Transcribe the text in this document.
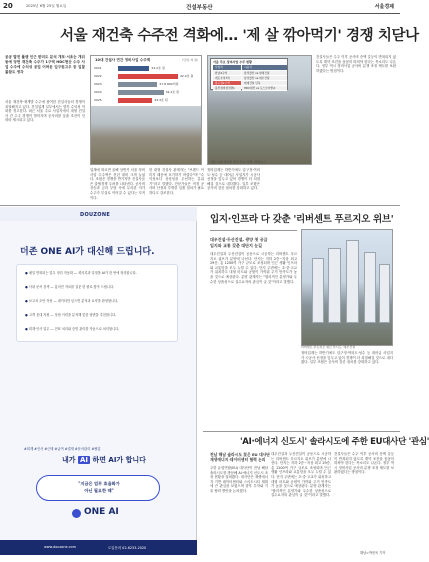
20	2025년 6월 25일 월요일	건설부동산	서울경제
서울 재건축 수주전 격화에… '제 살 깎아먹기' 경쟁 치닫나
공공 발전 플랜 인근 한미도 분석 개포·서초는 개위 동에 당면 재건축 수주가 1구역 HDC현산 수주 사업 수주에 수익성 공업 어려운 입구원고우 등 입찰 불참도 생각
10대 건설사 연간 정비사업 수주액
2021	22.2조 원
2022	42.4조 원
2023	27.8 800억원
2024	32.2조 원
2025	24.3조 원
(단위: 억 원)	서울 주요 정비사업 수주 현황
사업지	시공사
한남4구역	삼성물산 vs 현대건설
개포우성7차	삼성물산 vs 대우건설
압구정2구역	현대건설 단독
용산정비창전면1	HDC현산 vs 포스코이앤씨
서울 시내 재건축 추진 단지 전경. 연합뉴스
서울 재건축·재개발 수주에 참여한 건설사들의 경쟁이 치열해지고 있다. 건설업계 일부에서는 향후 수익성 악화를 경고한다. 최근 서울 주요 사업지에서 대형 건설사 간 수주 경쟁이 벌어지며 공사비를 낮춘 조건이 잇따라 제시되고 있다.
업계에 따르면 올해 상반기 서울 정비사업 수주액은 전년 대비 크게 늘었다. 조합은 경쟁을 반기지만 건설사들은 출혈경쟁 우려를 나타낸다. 공사비 상승과 금리 부담 속에 무리한 저가 수주가 부실로 이어질 수 있다는 지적이다.
한 대형 건설사 관계자는 "브랜드 이미지 때문에 포기하기 어렵다"며 "수익성보다 상징성을 우선하는 분위기"라고 말했다. 전문가들은 적정 공사비 산정과 투명한 입찰 절차가 필요하다고 강조한다.
정비업계는 하반기에도 압구정·여의도·성수 등 대어급 사업지가 시공사 선정을 앞두고 있어 경쟁이 더 치열해질 것으로 내다봤다. 일부 조합은 공사비 검증 절차를 강화하고 있다.
건설사들은 수주 이후 공사비 증액 갈등이 반복되지 않도록 계약 조건을 꼼꼼히 따져야 한다는 목소리도 나온다. 정부 역시 정비사업 공사비 분쟁 조정 제도를 보완하겠다는 방침이다.
DOUZONE
더존 ONE AI가 대신해 드립니다.
● 매일 반복되는 업무 정리 자동화 — 회의록과 일정을 AI가 한 번에 정리합니다.
● 사내 문서 검색 — 흩어진 자료를 질문 한 줄로 찾아 드립니다.
● 보고서 초안 작성 — 데이터만 넣으면 분석과 요약을 완성합니다.
● 고객 응대 지원 — 상담 이력을 분석해 맞춤 답변을 추천합니다.
● 회계·인사 업무 — 전표 처리와 증빙 관리를 자동으로 처리합니다.
#회계 #인사 #근태 #급여 #결재 #문서관리 #협업
내가 AI 하면 AI가 합니다
"지금은 업무 효율화가
아닌 필요한 때"
ONE AI
www.douzone.com	도입문의 02-6233-2020
입지·인프라 다 갖춘 '리버센트 푸르지오 위브'
대우건설·두산건설, 광양 첫 공급
입지와 교통 갖춘 대단지 눈길
대우건설과 두산건설이 공동으로 시공하는 리버센트 푸르지오 위브가 분양에 나선다. 단지는 지하 2층~지상 최고 29층, 총 1200여 가구 규모로 조성되며 인근 생활 인프라와 교통망을 모두 누릴 수 있다. 단지 주변에는 초·중·고교가 위치하고 대형 마트와 공원이 가까워 주거 만족도가 높을 것으로 예상된다. 분양 관계자는 "합리적인 분양가와 우수한 상품성으로 실수요자의 관심이 클 것"이라고 말했다.
리버센트 푸르지오 위브 투시도. 대우건설
정비업계는 하반기에도 압구정·여의도·성수 등 대어급 사업지가 시공사 선정을 앞두고 있어 경쟁이 더 치열해질 것으로 내다봤다. 일부 조합은 공사비 검증 절차를 강화하고 있다.
'AI·에너지 신도시' 솔라시도에 주한 EU대사단 '관심'
전남 해남 솔라시도 찾은 EU 대사단
재생에너지·데이터센터 협력 논의
주한 유럽연합(EU) 대사단이 전남 해남 솔라시도를 방문해 AI·에너지 신도시 조성 현황을 살펴봤다. 대사단은 재생에너지 기반 데이터센터와 스마트시티 계획에 큰 관심을 보였으며 향후 투자와 기술 협력 방안을 논의했다.
대우건설과 두산건설이 공동으로 시공하는 리버센트 푸르지오 위브가 분양에 나선다. 단지는 지하 2층~지상 최고 29층, 총 1200여 가구 규모로 조성되며 인근 생활 인프라와 교통망을 모두 누릴 수 있다. 단지 주변에는 초·중·고교가 위치하고 대형 마트와 공원이 가까워 주거 만족도가 높을 것으로 예상된다. 분양 관계자는 "합리적인 분양가와 우수한 상품성으로 실수요자의 관심이 클 것"이라고 말했다.
건설사들은 수주 이후 공사비 증액 갈등이 반복되지 않도록 계약 조건을 꼼꼼히 따져야 한다는 목소리도 나온다. 정부 역시 정비사업 공사비 분쟁 조정 제도를 보완하겠다는 방침이다.
해남=박현욱 기자
